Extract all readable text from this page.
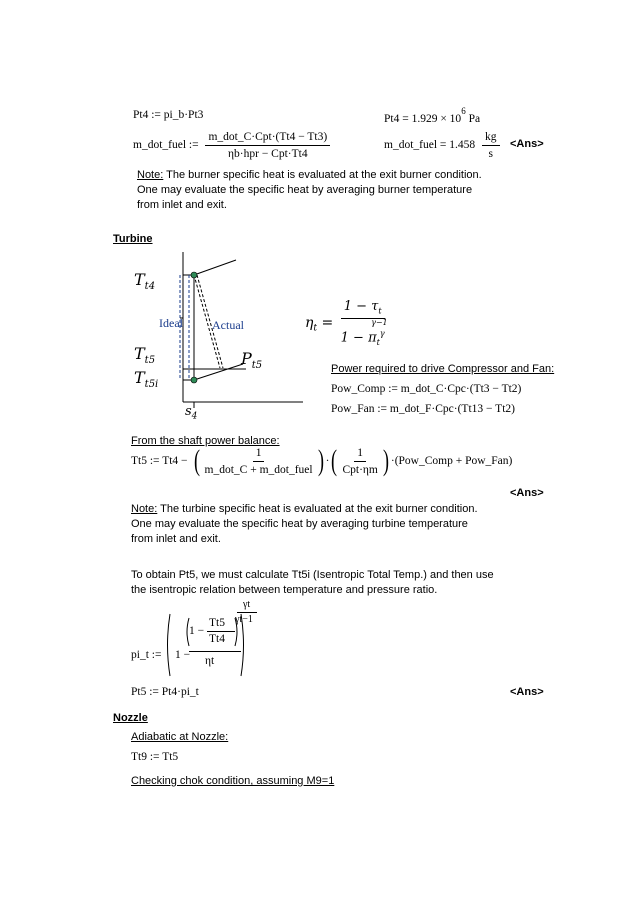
Pt4 := pi_b·Pt3	$Pt4 = 1.929 \times 10^6$ Pa
m_dot_fuel := $\frac{\text{m\_dot\_C·Cpt·(Tt4 − Tt3)}}{\text{ηb·hpr − Cpt·Tt4}}$	m_dot_fuel = $1.458 \frac{kg}{s} <Ans>$
Note: The burner specific heat is evaluated at the exit burner condition. One may evaluate the specific heat by averaging burner temperature from inlet and exit.
Turbine
$T_{t4}$
$T_{t5}$
$T_{t5i}$
$P_{t5}$
Ideal Actual
$s_4$
$\eta_t = 1 - \tau_t$
γ−1
$1 - \pi_t^\gamma$
Power required to drive Compressor and Fan:
Pow_Comp := m_dot_C·Cpc·(Tt3 − Tt2)
Pow_Fan := m_dot_F·Cpc·(Tt13 − Tt2)
From the shaft power balance:
Tt5 := Tt4 − ( $\frac{1}{\text{m\_dot\_C + m\_dot\_fuel}}$ ) · ( $\frac{1}{\text{Cpt·ηm}}$ ) ·(Pow_Comp + Pow_Fan)
<Ans>
Note: The turbine specific heat is evaluated at the exit burner condition. One may evaluate the specific heat by averaging turbine temperature from inlet and exit.
To obtain Pt5, we must calculate Tt5i (Isentropic Total Temp.) and then use the isentropic relation between temperature and pressure ratio.
pi_t := 1 −
1 −
Tt5
Tt4
ηt
γt
γt−1
Pt5 := Pt4·pi_t	<Ans>
Nozzle
Adiabatic at Nozzle:
Tt9 := Tt5
Checking chok condition, assuming M9=1
